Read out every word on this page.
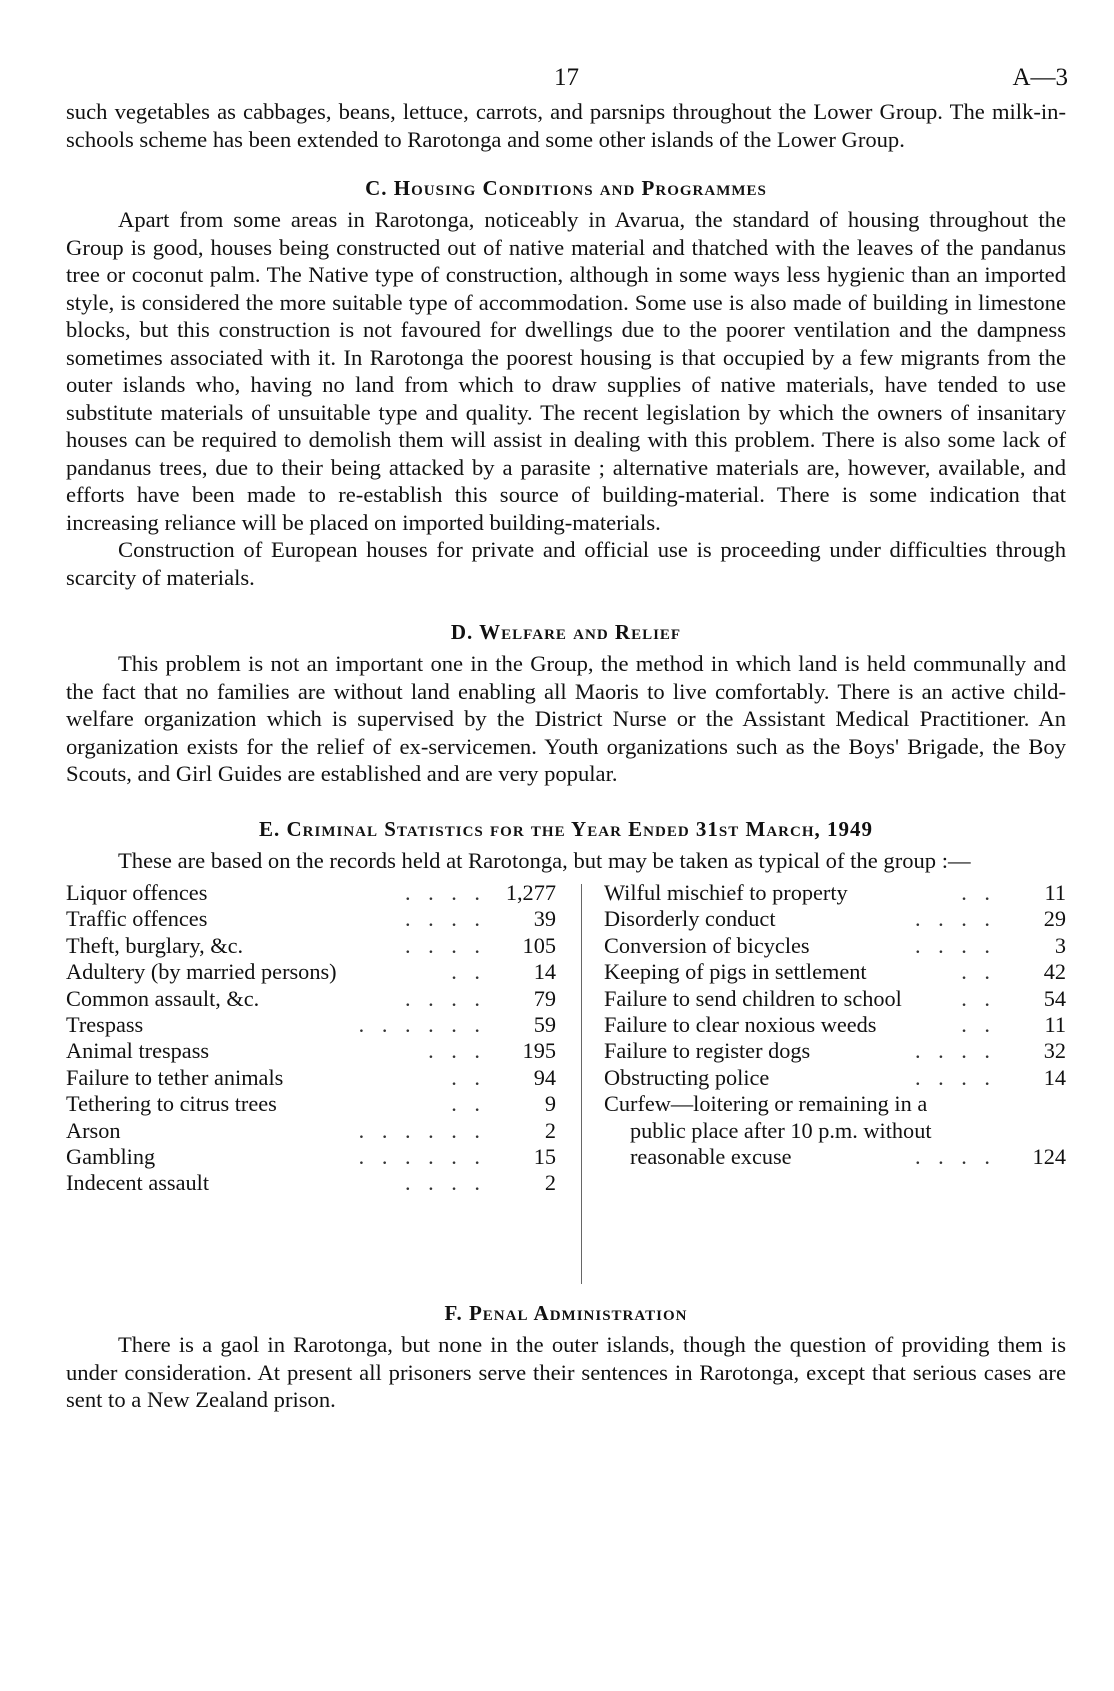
17	A—3

such vegetables as cabbages, beans, lettuce, carrots, and parsnips throughout the Lower Group. The milk-in-schools scheme has been extended to Rarotonga and some other islands of the Lower Group.

C. Housing Conditions and Programmes

Apart from some areas in Rarotonga, noticeably in Avarua, the standard of housing throughout the Group is good, houses being constructed out of native material and thatched with the leaves of the pandanus tree or coconut palm. The Native type of construction, although in some ways less hygienic than an imported style, is considered the more suitable type of accommodation. Some use is also made of building in limestone blocks, but this construction is not favoured for dwellings due to the poorer ventilation and the dampness sometimes associated with it. In Rarotonga the poorest housing is that occupied by a few migrants from the outer islands who, having no land from which to draw supplies of native materials, have tended to use substitute materials of unsuitable type and quality. The recent legislation by which the owners of insanitary houses can be required to demolish them will assist in dealing with this problem. There is also some lack of pandanus trees, due to their being attacked by a parasite ; alternative materials are, however, available, and efforts have been made to re-establish this source of building-material. There is some indication that increasing reliance will be placed on imported building-materials.

Construction of European houses for private and official use is proceeding under difficulties through scarcity of materials.

D. Welfare and Relief

This problem is not an important one in the Group, the method in which land is held communally and the fact that no families are without land enabling all Maoris to live comfortably. There is an active child-welfare organization which is supervised by the District Nurse or the Assistant Medical Practitioner. An organization exists for the relief of ex-servicemen. Youth organizations such as the Boys' Brigade, the Boy Scouts, and Girl Guides are established and are very popular.

E. Criminal Statistics for the Year Ended 31st March, 1949

These are based on the records held at Rarotonga, but may be taken as typical of the group :—

Liquor offences	. . . . 1,277
Traffic offences	. . . . 39
Theft, burglary, &c.	. . . . 105
Adultery (by married persons)	. . 14
Common assault, &c.	. . . . 79
Trespass	. . . . . . 59
Animal trespass	. . . 195
Failure to tether animals	. . 94
Tethering to citrus trees	. .	9
Arson	. . . . . .	2
Gambling	. . . . . . 15
Indecent assault	. . . .	2
Wilful mischief to property	. . 11
Disorderly conduct	. . . . 29
Conversion of bicycles	. . . .	3
Keeping of pigs in settlement	. . 42
Failure to send children to school	. . 54
Failure to clear noxious weeds	. . 11
Failure to register dogs	. . . . 32
Obstructing police	. . . . 14
Curfew—loitering or remaining in a
public place after 10 p.m. without
reasonable excuse	. . . . 124
F. Penal Administration

There is a gaol in Rarotonga, but none in the outer islands, though the question of providing them is under consideration. At present all prisoners serve their sentences in Rarotonga, except that serious cases are sent to a New Zealand prison.
